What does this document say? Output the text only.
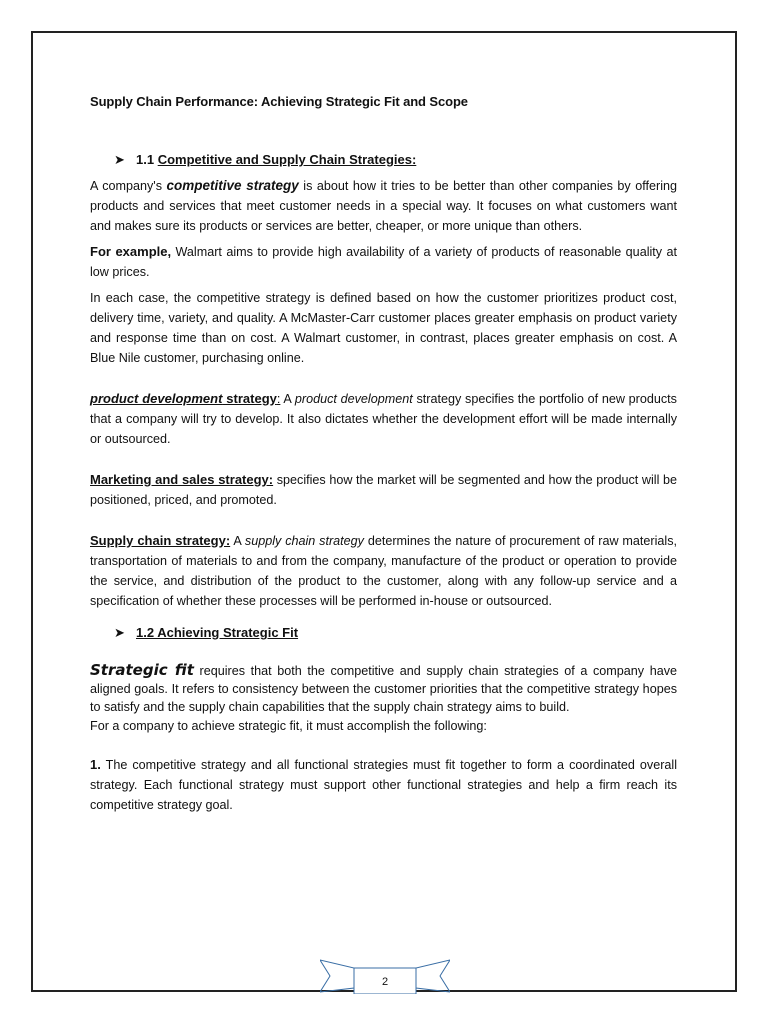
Supply Chain Performance: Achieving Strategic Fit and Scope
➤ 1.1 Competitive and Supply Chain Strategies:

A company's competitive strategy is about how it tries to be better than other companies by offering products and services that meet customer needs in a special way. It focuses on what customers want and makes sure its products or services are better, cheaper, or more unique than others.

For example, Walmart aims to provide high availability of a variety of products of reasonable quality at low prices.

In each case, the competitive strategy is defined based on how the customer prioritizes product cost, delivery time, variety, and quality. A McMaster-Carr customer places greater emphasis on product variety and response time than on cost. A Walmart customer, in contrast, places greater emphasis on cost. A Blue Nile customer, purchasing online.

product development strategy: A product development strategy specifies the portfolio of new products that a company will try to develop. It also dictates whether the development effort will be made internally or outsourced.

Marketing and sales strategy: specifies how the market will be segmented and how the product will be positioned, priced, and promoted.

Supply chain strategy: A supply chain strategy determines the nature of procurement of raw materials, transportation of materials to and from the company, manufacture of the product or operation to provide the service, and distribution of the product to the customer, along with any follow-up service and a specification of whether these processes will be performed in-house or outsourced.

➤ 1.2 Achieving Strategic Fit

Strategic fit requires that both the competitive and supply chain strategies of a company have aligned goals. It refers to consistency between the customer priorities that the competitive strategy hopes to satisfy and the supply chain capabilities that the supply chain strategy aims to build.

For a company to achieve strategic fit, it must accomplish the following:

1. The competitive strategy and all functional strategies must fit together to form a coordinated overall strategy. Each functional strategy must support other functional strategies and help a firm reach its competitive strategy goal.

2
